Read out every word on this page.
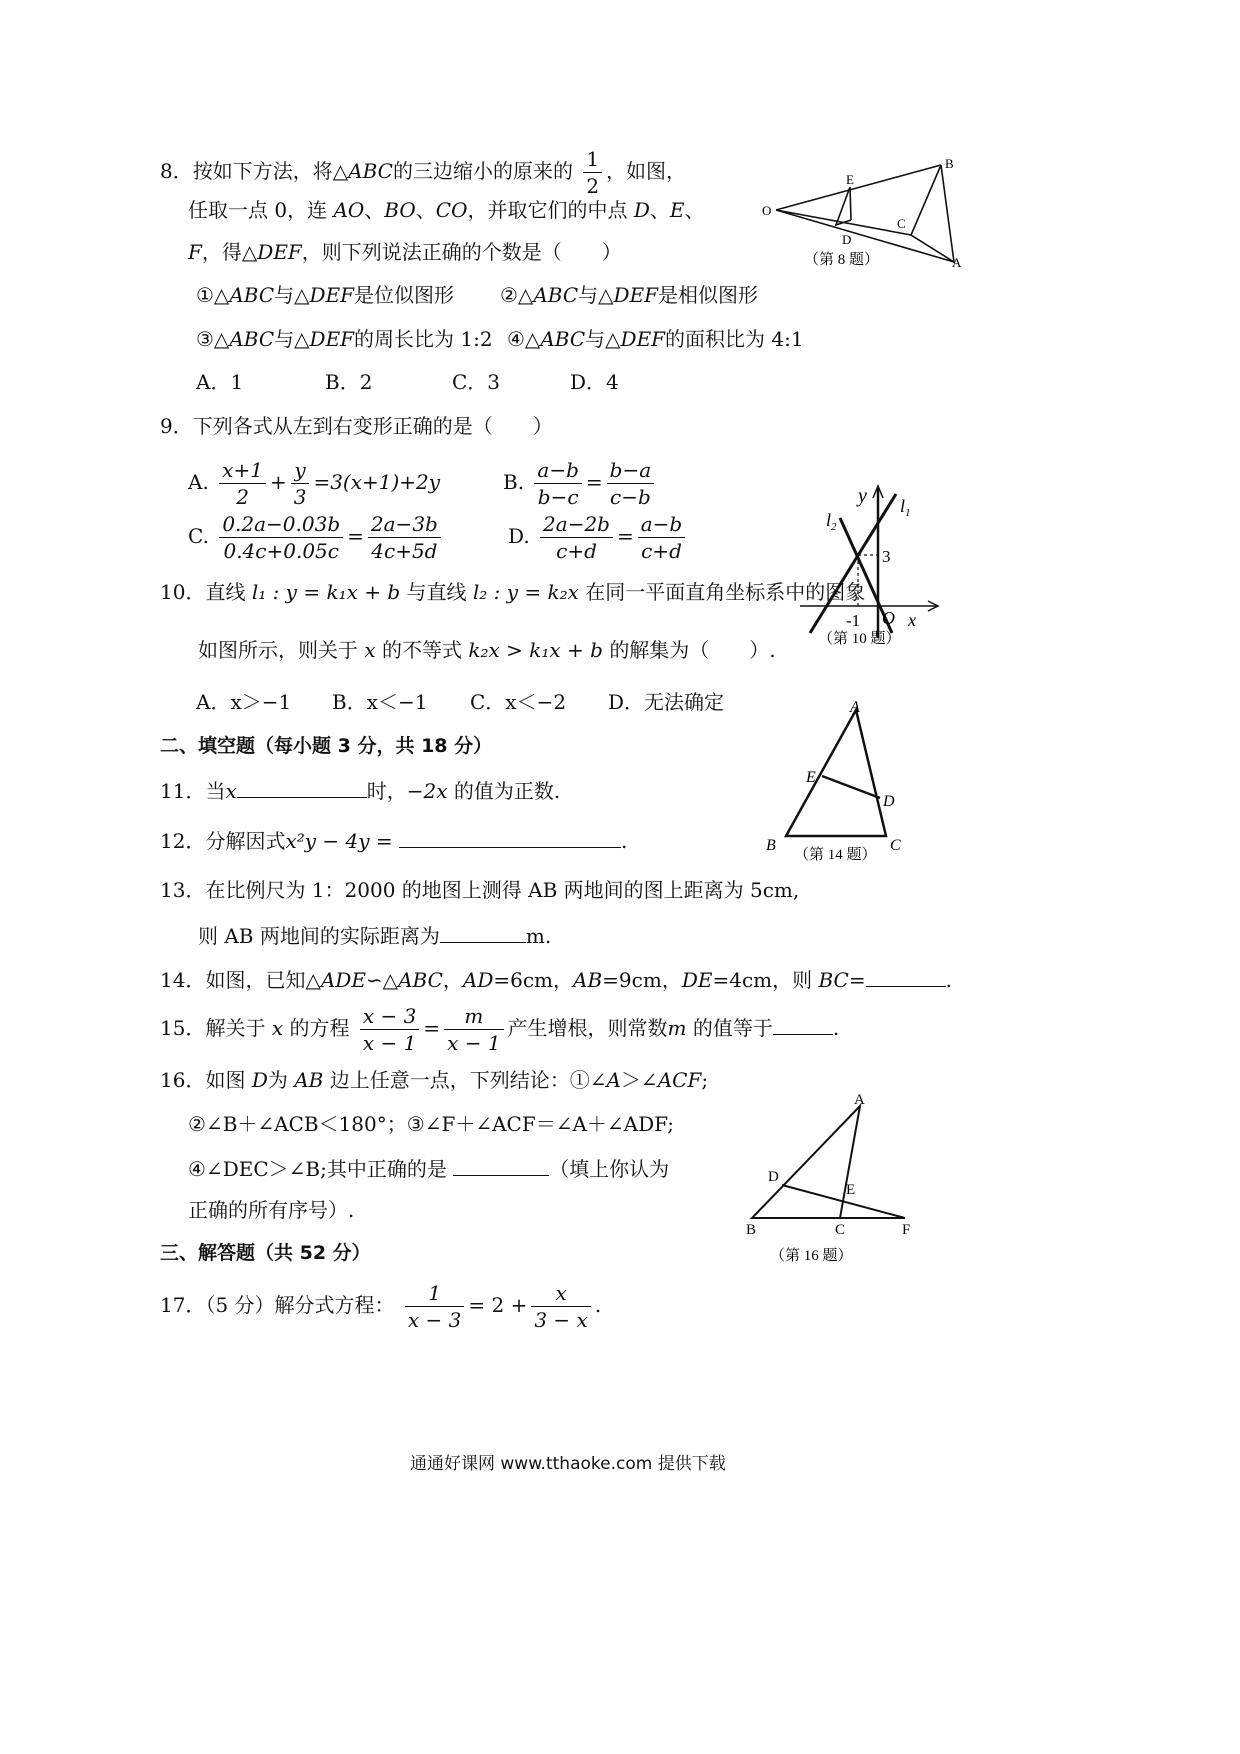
8．按如下方法，将△ABC的三边缩小的原来的 $\frac{1}{2}$ ，如图，
任取一点 0，连 AO、BO、CO，并取它们的中点 D、E、
F，得△DEF，则下列说法正确的个数是（　　）
①△ABC与△DEF是位似图形 ②△ABC与△DEF是相似图形
③△ABC与△DEF的周长比为 1:2 ④△ABC与△DEF的面积比为 4:1
A．1	B．2	C．3	D．4
O
E
D
C
B
A
（第 8 题）
9．下列各式从左到右变形正确的是（　　）
A. $\frac{x+1}{2} + \frac{y}{3} =3(x+1)+2y$	B. $\frac{a-b}{b-c} = \frac{b-a}{c-b}$
C. $\frac{0.2a-0.03b}{0.4c+0.05c} = \frac{2a-3b}{4c+5d}$	D. $\frac{2a-2b}{c+d} = \frac{a-b}{c+d}$
10．直线 l₁ : y = k₁x + b 与直线 l₂ : y = k₂x 在同一平面直角坐标系中的图象
如图所示，则关于 x 的不等式 k₂x > k₁x + b 的解集为（　　）.
A．x＞−1 B．x＜−1 C．x＜−2 D．无法确定
y $l_1$
$l_2$
3
-1 O x
（第 10 题）
二、填空题（每小题 3 分，共 18 分）
11．当x	时，−2x 的值为正数.
12．分解因式x²y − 4y =	.
A
E
D
B	C
（第 14 题）
13．在比例尺为 1：2000 的地图上测得 AB 两地间的图上距离为 5cm,
则 AB 两地间的实际距离为	m.
14．如图，已知△ADE∽△ABC，AD=6cm，AB=9cm，DE=4cm，则 BC=	.
15．解关于 x 的方程 $\frac{x - 3}{x - 1} = \frac{m}{x - 1}$ 产生增根，则常数m 的值等于	.
16．如图 D为 AB 边上任意一点，下列结论：①∠A＞∠ACF;
②∠B＋∠ACB＜180°；③∠F＋∠ACF＝∠A＋∠ADF;
④∠DEC＞∠B;其中正确的是	（填上你认为
正确的所有序号）.
A
D
E
B	C	F
（第 16 题）
三、解答题（共 52 分）
17．（5 分）解分式方程： $\frac{1}{x - 3} = 2 + \frac{x}{3 - x}$ .
通通好课网 www.tthaoke.com 提供下载
